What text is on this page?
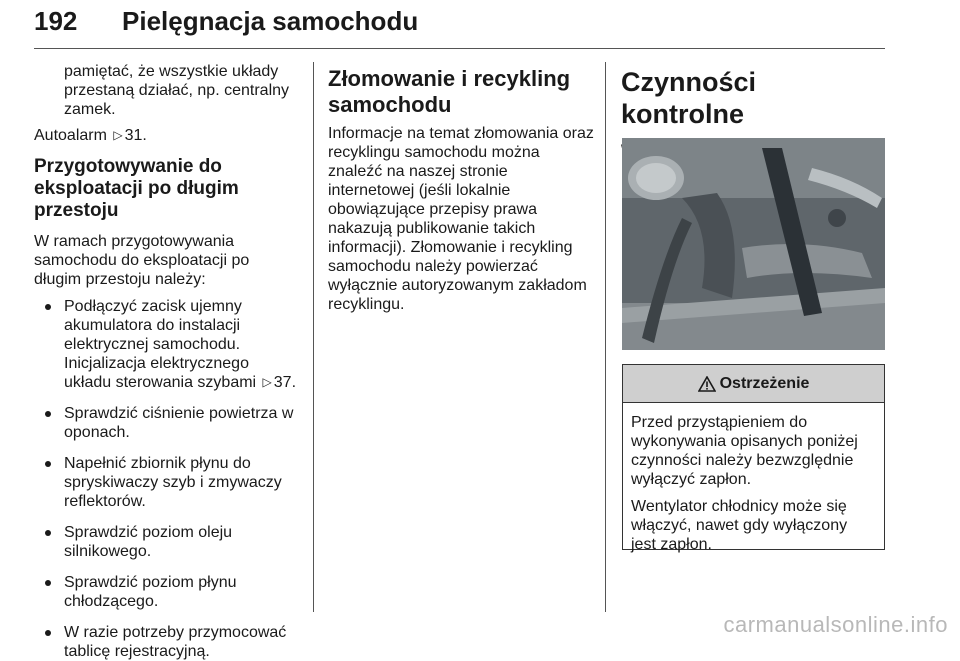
192 Pielęgnacja samochodu

pamiętać, że wszystkie układy przestaną działać, np. centralny zamek.

Autoalarm ▷ 31.

Przygotowywanie do eksploatacji po długim przestoju

W ramach przygotowywania samochodu do eksploatacji po długim przestoju należy:

Podłączyć zacisk ujemny akumulatora do instalacji elektrycznej samochodu. Inicjalizacja elektrycznego układu sterowania szybami ▷ 37.
Sprawdzić ciśnienie powietrza w oponach.
Napełnić zbiornik płynu do spryskiwaczy szyb i zmywaczy reflektorów.
Sprawdzić poziom oleju silnikowego.
Sprawdzić poziom płynu chłodzącego.
W razie potrzeby przymocować tablicę rejestracyjną.

Złomowanie i recykling samochodu

Informacje na temat złomowania oraz recyklingu samochodu można znaleźć na naszej stronie internetowej (jeśli lokalnie obowiązujące przepisy prawa nakazują publikowanie takich informacji). Złomowanie i recykling samochodu należy powierzać wyłącznie autoryzowanym zakładom recyklingu.

Czynności kontrolne

Ostrzeżenie

Przed przystąpieniem do wykonywania opisanych poniżej czynności należy bezwzględnie wyłączyć zapłon.

Wentylator chłodnicy może się włączyć, nawet gdy wyłączony jest zapłon.

carmanualsonline.info
